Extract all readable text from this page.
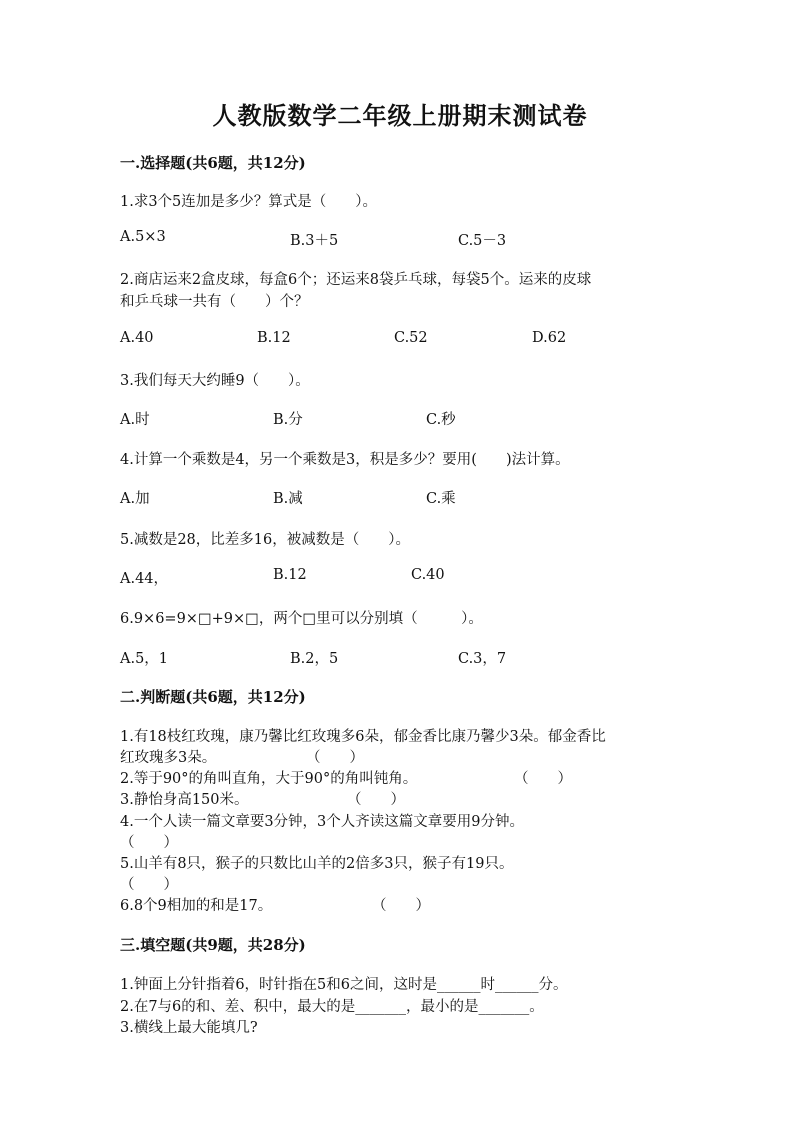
人教版数学二年级上册期末测试卷
一.选择题(共6题，共12分)
1.求3个5连加是多少？算式是（　　）。
A.5×3	B.3＋5	C.5－3
2.商店运来2盒皮球，每盒6个；还运来8袋乒乓球，每袋5个。运来的皮球
和乒乓球一共有（　　）个？
A.40	B.12	C.52	D.62
3.我们每天大约睡9（　　）。
A.时	B.分	C.秒
4.计算一个乘数是4，另一个乘数是3，积是多少？要用(　　)法计算。
A.加	B.减	C.乘
5.减数是28，比差多16，被减数是（　　）。
A.44，	B.12	C.40
6.9×6=9×□+9×□，两个□里可以分别填（　　　）。
A.5，1	B.2，5	C.3，7
二.判断题(共6题，共12分)
1.有18枝红玫瑰，康乃馨比红玫瑰多6朵，郁金香比康乃馨少3朵。郁金香比
红玫瑰多3朵。	（　　）
2.等于90°的角叫直角，大于90°的角叫钝角。	（　　）
3.静怡身高150米。	（　　）
4.一个人读一篇文章要3分钟，3个人齐读这篇文章要用9分钟。
（　　）
5.山羊有8只，猴子的只数比山羊的2倍多3只，猴子有19只。
（　　）
6.8个9相加的和是17。	（　　）
三.填空题(共9题，共28分)
1.钟面上分针指着6，时针指在5和6之间，这时是______时______分。
2.在7与6的和、差、积中，最大的是_______，最小的是_______。
3.横线上最大能填几?
